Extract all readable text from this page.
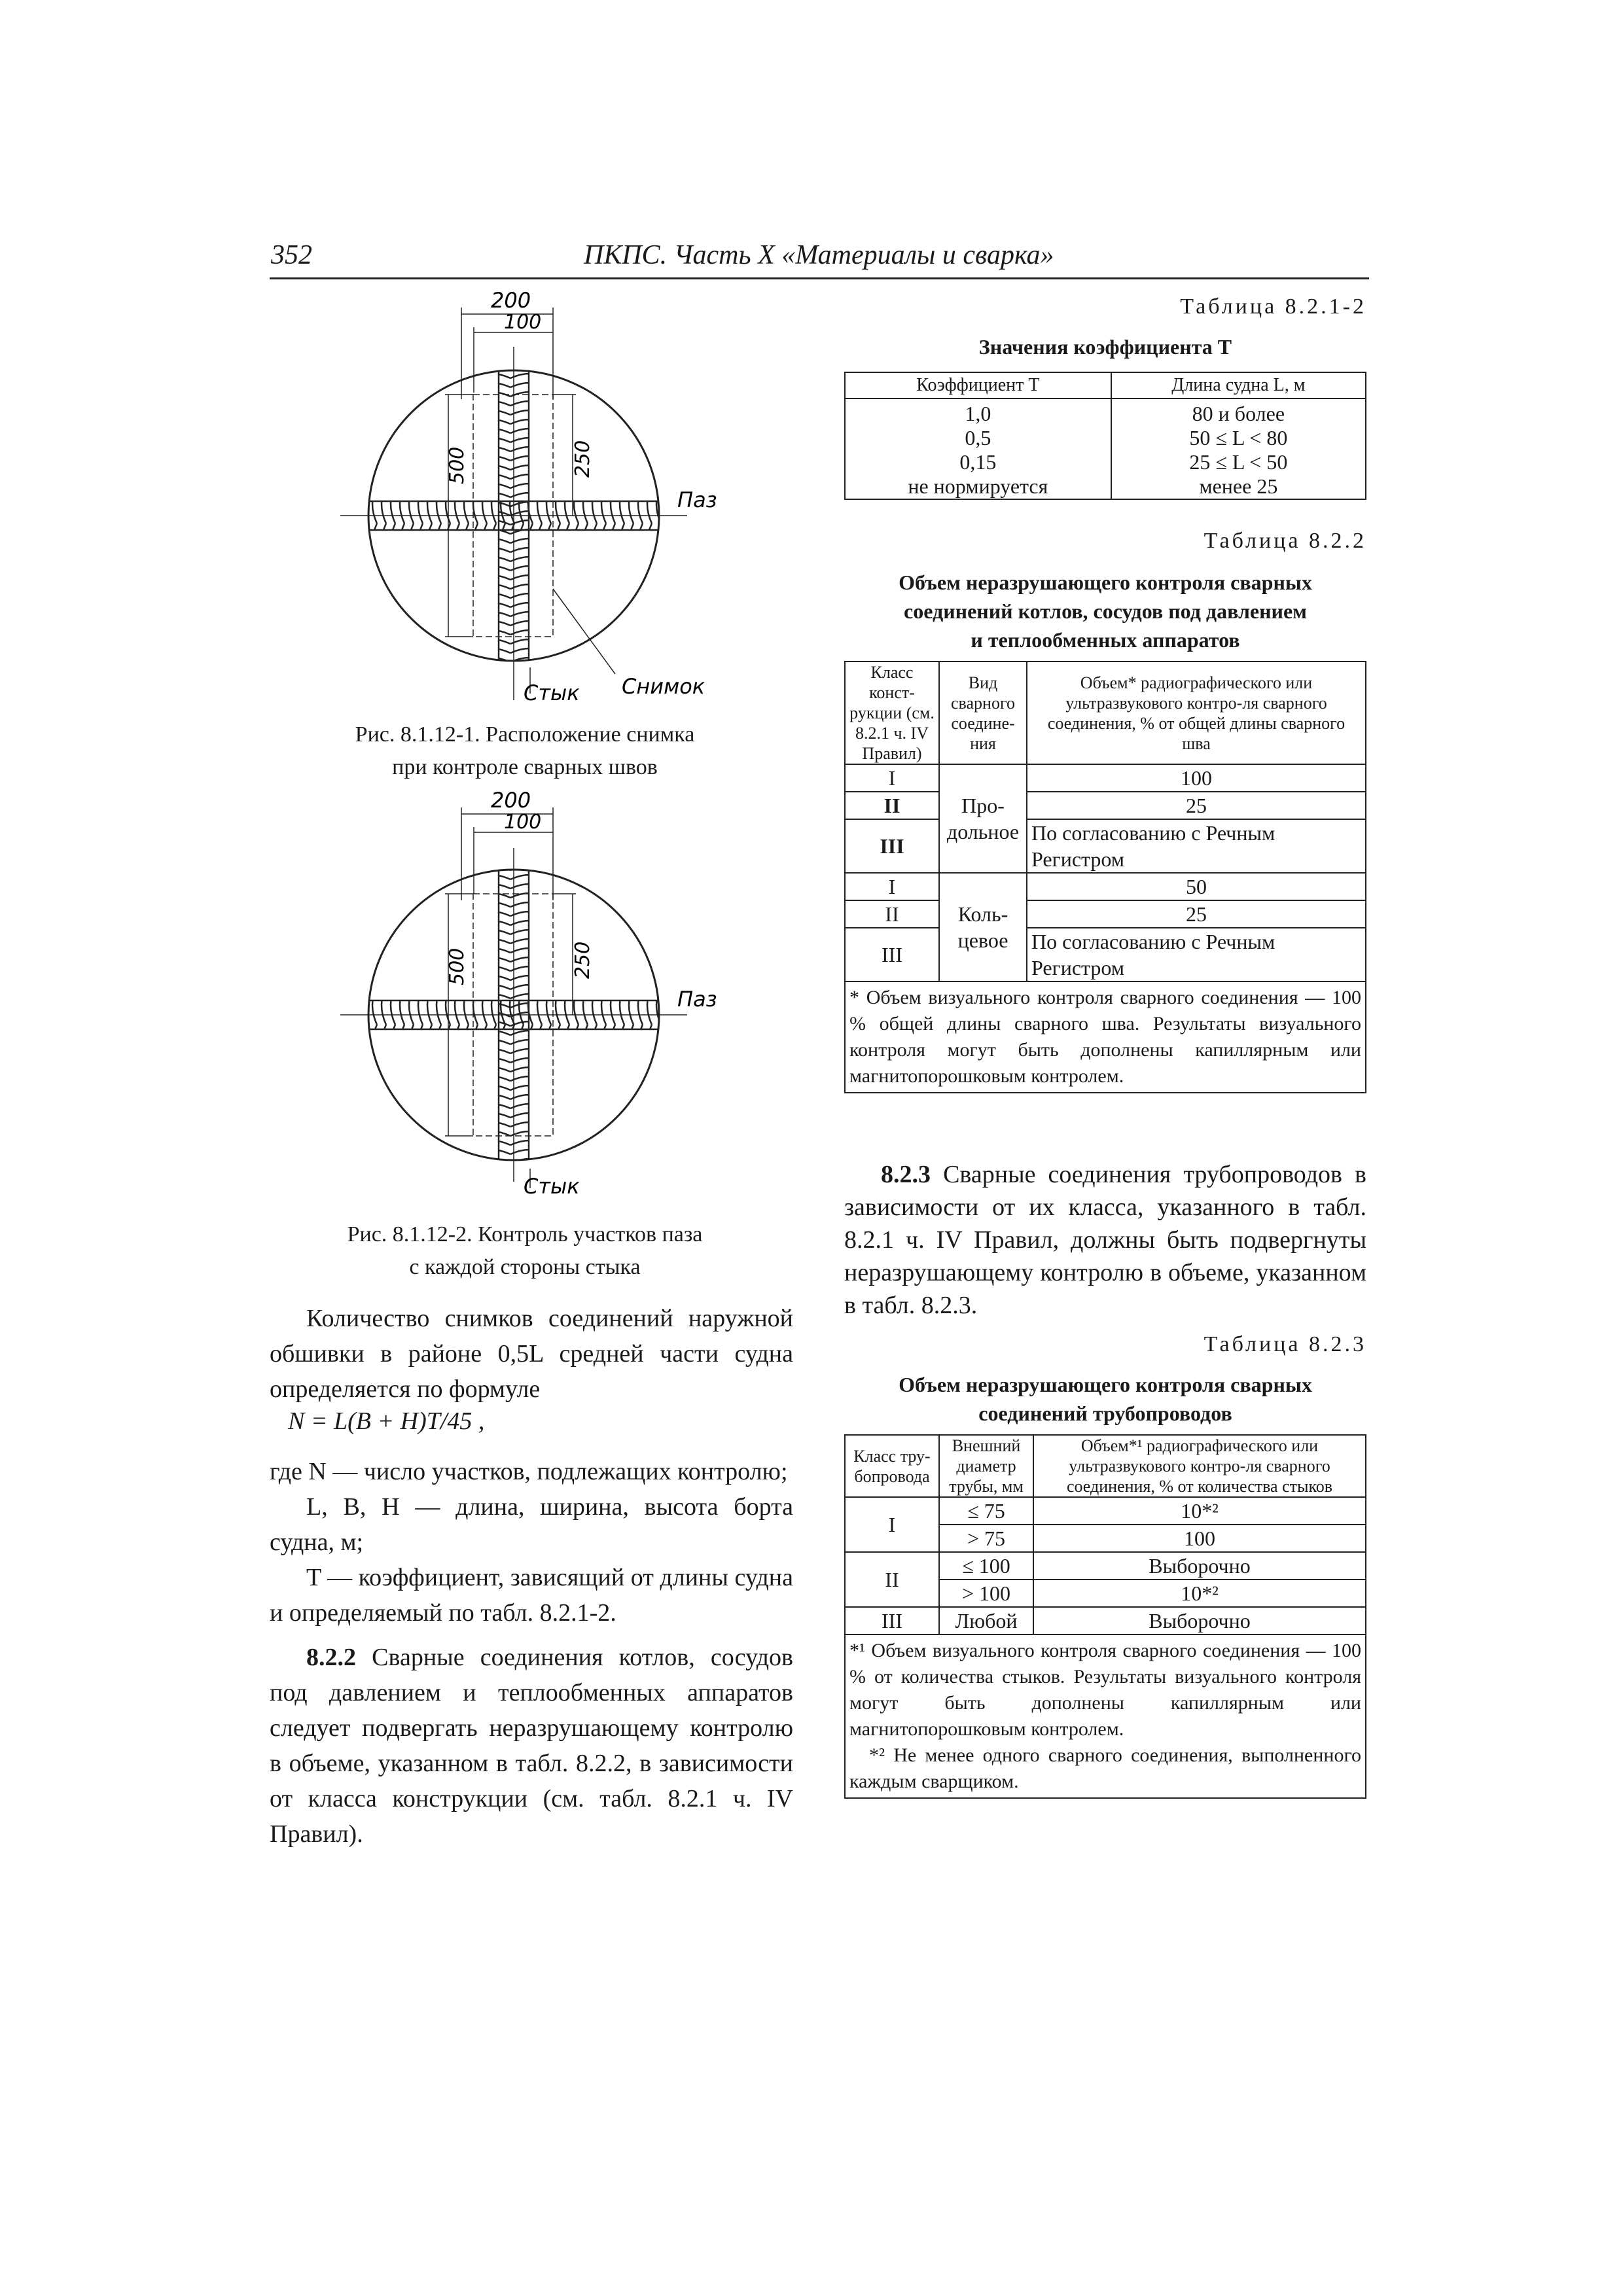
352	ПКПС. Часть X «Материалы и сварка»
200
100
500	250
Паз
Стык Снимок
Рис. 8.1.12-1. Расположение снимка
при контроле сварных швов
200
100
500	250
Паз
Стык
Рис. 8.1.12-2. Контроль участков паза
с каждой стороны стыка

Количество снимков соединений наружной обшивки в районе 0,5L средней части судна определяется по формуле

N = L(B + H)T/45 ,

где N — число участков, подлежащих контролю;

L, B, H — длина, ширина, высота борта судна, м;

T — коэффициент, зависящий от длины судна и определяемый по табл. 8.2.1-2.

8.2.2 Сварные соединения котлов, сосудов под давлением и теплообменных аппаратов следует подвергать неразрушающему контролю в объеме, указанном в табл. 8.2.2, в зависимости от класса конструкции (см. табл. 8.2.1 ч. IV Правил).

Таблица 8.2.1-2
Значения коэффициента T
Коэффициент T	Длина судна L, м
1,0	80 и более
0,5	50 ≤ L < 80
0,15	25 ≤ L < 50
не нормируется	менее 25
Таблица 8.2.2
Объем неразрушающего контроля сварных
соединений котлов, сосудов под давлением
и теплообменных аппаратов
Класс конст-рукции (см. 8.2.1 ч. IV Правил)	Вид сварного соедине-ния	Объем* радиографического или ультразвукового контро-ля сварного соединения, % от общей длины сварного шва
I	Про-дольное	100
II		25
III		По согласованию с Речным Регистром
I	Коль-цевое	50
II		25
III		По согласованию с Речным Регистром
* Объем визуального контроля сварного соединения — 100 % общей длины сварного шва. Результаты визуального контроля могут быть дополнены капиллярным или магнитопорошковым контролем.		
8.2.3 Сварные соединения трубопроводов в зависимости от их класса, указанного в табл. 8.2.1 ч. IV Правил, должны быть подвергнуты неразрушающему контролю в объеме, указанном в табл. 8.2.3.
Таблица 8.2.3
Объем неразрушающего контроля сварных
соединений трубопроводов
Класс тру-бопровода	Внешний диаметр трубы, мм	Объем*¹ радиографического или ультразвукового контро-ля сварного соединения, % от количества стыков
I	≤ 75	10*²
	> 75	100
II	≤ 100	Выборочно
	> 100	10*²
III	Любой	Выборочно

*¹ Объем визуального контроля сварного соединения — 100 % от количества стыков. Результаты визуального контроля могут быть дополнены капиллярным или магнитопорошковым контролем.
*² Не менее одного сварного соединения, выполненного каждым сварщиком.		
